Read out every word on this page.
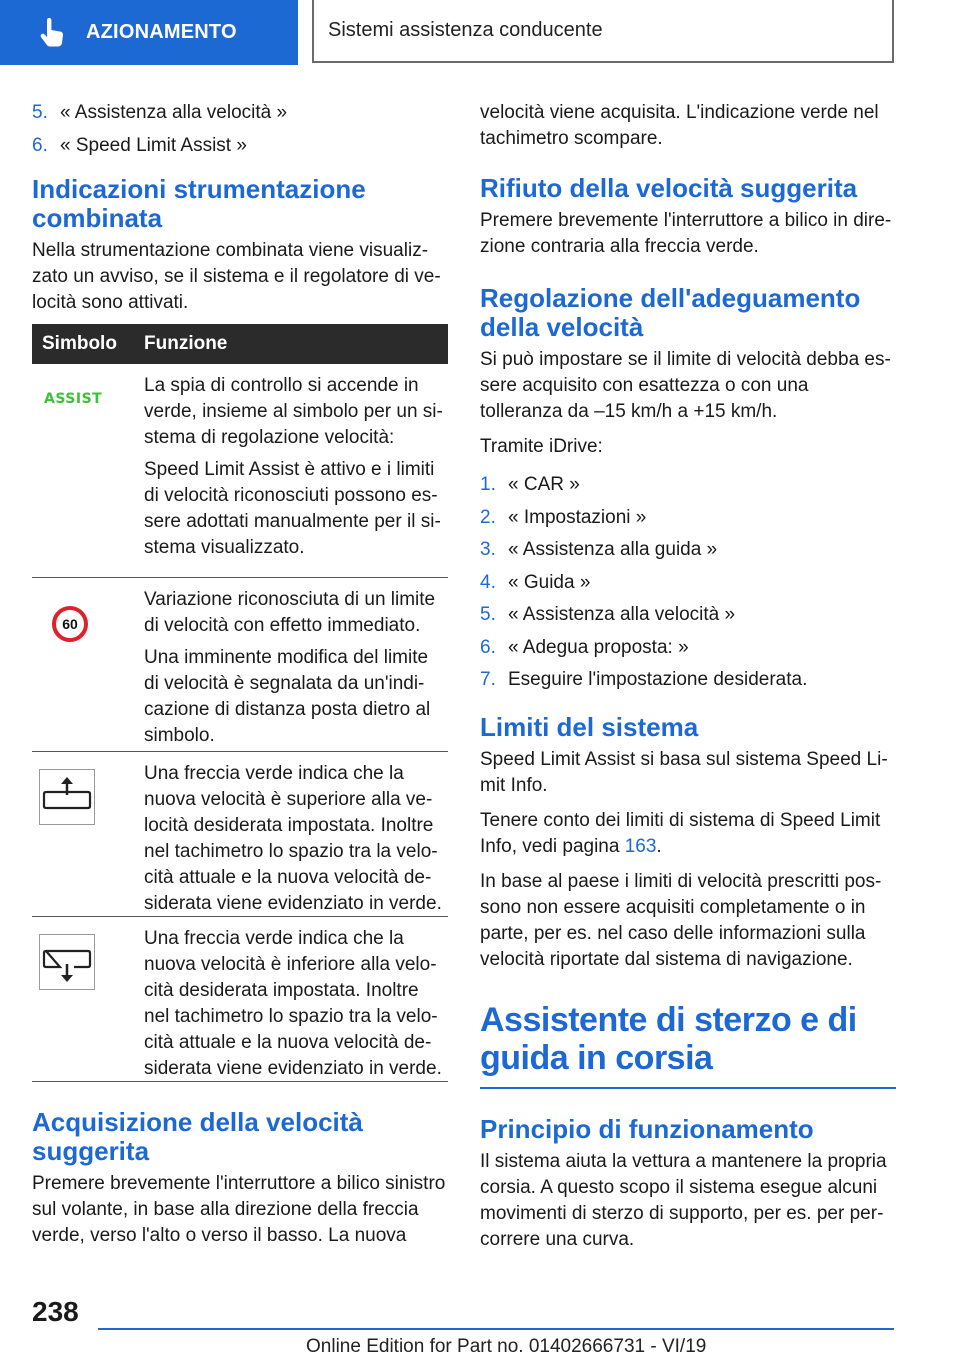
AZIONAMENTO	Sistemi assistenza conducente
5. « Assistenza alla velocità »
6. « Speed Limit Assist »
Indicazioni strumentazione combinata

Nella strumentazione combinata viene visualizzato un avviso, se il sistema e il regolatore di velocità sono attivati.

Simbolo	Funzione
ASSIST

La spia di controllo si accende in verde, insieme al simbolo per un sistema di regolazione velocità:

Speed Limit Assist è attivo e i limiti di velocità riconosciuti possono essere adottati manualmente per il sistema visualizzato.

60

Variazione riconosciuta di un limite di velocità con effetto immediato.

Una imminente modifica del limite di velocità è segnalata da un'indicazione di distanza posta dietro al simbolo.

Una freccia verde indica che la nuova velocità è superiore alla velocità desiderata impostata. Inoltre nel tachimetro lo spazio tra la velocità attuale e la nuova velocità desiderata viene evidenziato in verde.

Una freccia verde indica che la nuova velocità è inferiore alla velocità desiderata impostata. Inoltre nel tachimetro lo spazio tra la velocità attuale e la nuova velocità desiderata viene evidenziato in verde.

Acquisizione della velocità suggerita

Premere brevemente l'interruttore a bilico sinistro sul volante, in base alla direzione della freccia verde, verso l'alto o verso il basso. La nuova

velocità viene acquisita. L'indicazione verde nel tachimetro scompare.

Rifiuto della velocità suggerita

Premere brevemente l'interruttore a bilico in direzione contraria alla freccia verde.

Regolazione dell'adeguamento della velocità

Si può impostare se il limite di velocità debba essere acquisito con esattezza o con una tolleranza da –15 km/h a +15 km/h.

Tramite iDrive:

1. « CAR »
2. « Impostazioni »
3. « Assistenza alla guida »
4. « Guida »
5. « Assistenza alla velocità »
6. « Adegua proposta: »
7. Eseguire l'impostazione desiderata.
Limiti del sistema

Speed Limit Assist si basa sul sistema Speed Limit Info.

Tenere conto dei limiti di sistema di Speed Limit Info, vedi pagina 163.

In base al paese i limiti di velocità prescritti possono non essere acquisiti completamente o in parte, per es. nel caso delle informazioni sulla velocità riportate dal sistema di navigazione.

Assistente di sterzo e di guida in corsia
Principio di funzionamento

Il sistema aiuta la vettura a mantenere la propria corsia. A questo scopo il sistema esegue alcuni movimenti di sterzo di supporto, per es. per percorrere una curva.

238
Online Edition for Part no. 01402666731 - VI/19
